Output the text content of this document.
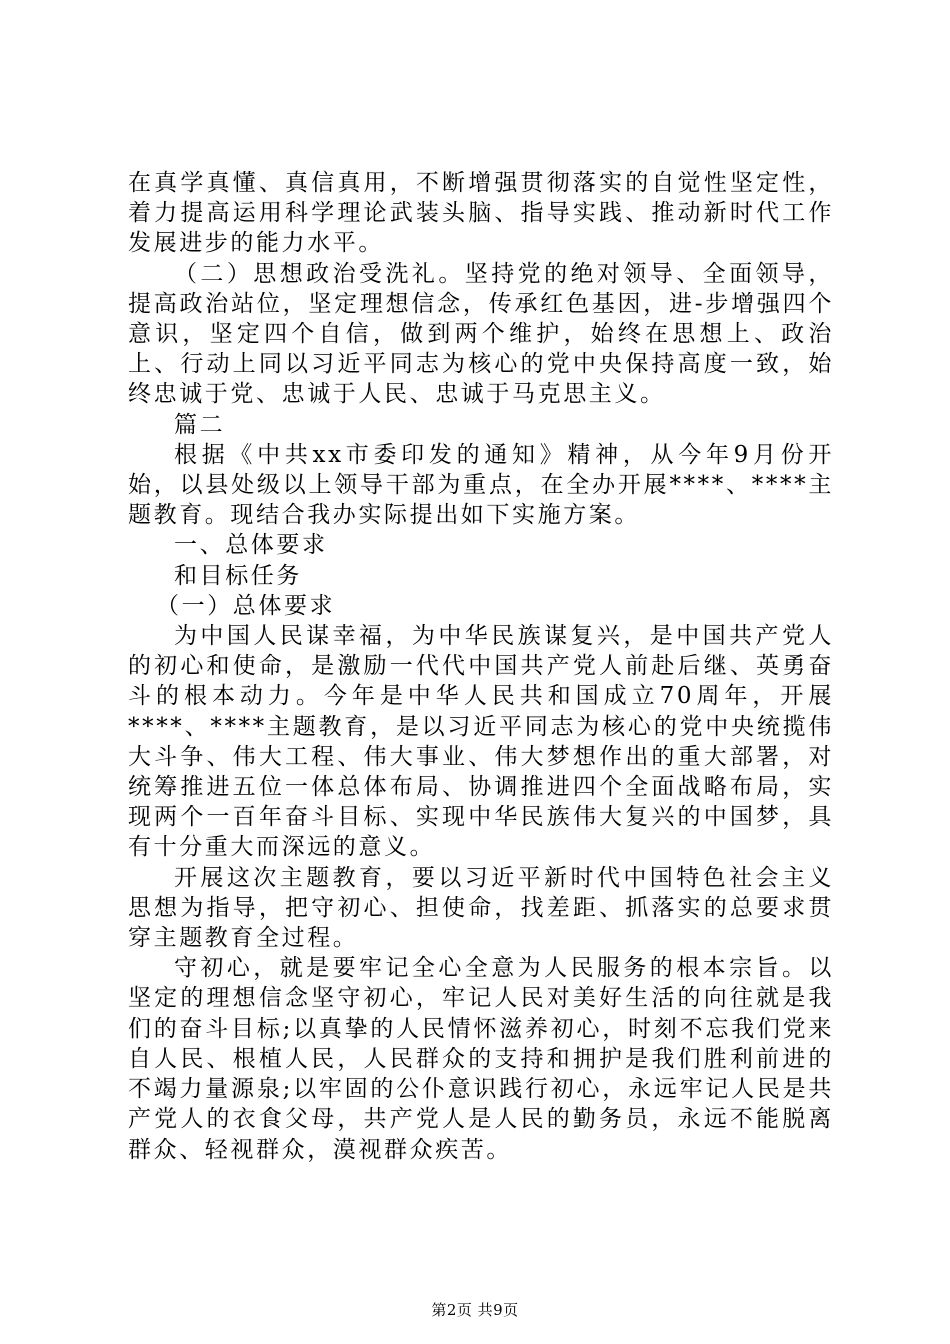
在真学真懂、真信真用，不断增强贯彻落实的自觉性坚定性，着力提高运用科学理论武装头脑、指导实践、推动新时代工作发展进步的能力水平。

（二）思想政治受洗礼。坚持党的绝对领导、全面领导，提高政治站位，坚定理想信念，传承红色基因，进-步增强四个意识，坚定四个自信，做到两个维护，始终在思想上、政治上、行动上同以习近平同志为核心的党中央保持高度一致，始终忠诚于党、忠诚于人民、忠诚于马克思主义。

篇二

根据《中共xx市委印发的通知》精神，从今年9月份开始，以县处级以上领导干部为重点，在全办开展****、****主题教育。现结合我办实际提出如下实施方案。

一、总体要求

和目标任务

（一）总体要求

为中国人民谋幸福，为中华民族谋复兴，是中国共产党人的初心和使命，是激励一代代中国共产党人前赴后继、英勇奋斗的根本动力。今年是中华人民共和国成立70周年，开展****、****主题教育，是以习近平同志为核心的党中央统揽伟大斗争、伟大工程、伟大事业、伟大梦想作出的重大部署，对统筹推进五位一体总体布局、协调推进四个全面战略布局，实现两个一百年奋斗目标、实现中华民族伟大复兴的中国梦，具有十分重大而深远的意义。

开展这次主题教育，要以习近平新时代中国特色社会主义思想为指导，把守初心、担使命，找差距、抓落实的总要求贯穿主题教育全过程。

守初心，就是要牢记全心全意为人民服务的根本宗旨。以坚定的理想信念坚守初心，牢记人民对美好生活的向往就是我们的奋斗目标;以真挚的人民情怀滋养初心，时刻不忘我们党来自人民、根植人民，人民群众的支持和拥护是我们胜利前进的不竭力量源泉;以牢固的公仆意识践行初心，永远牢记人民是共产党人的衣食父母，共产党人是人民的勤务员，永远不能脱离群众、轻视群众，漠视群众疾苦。

第2页 共9页
